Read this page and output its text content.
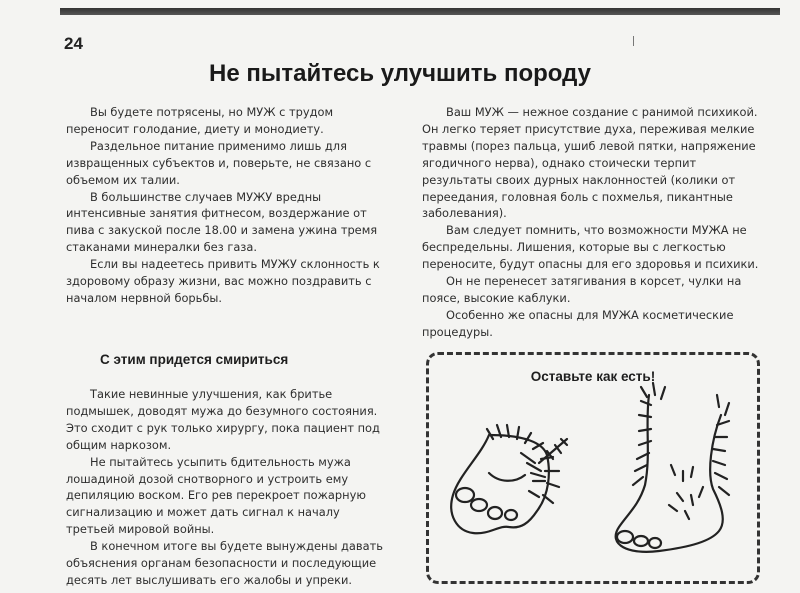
24
Не пытайтесь улучшить породу

Вы будете потрясены, но МУЖ с трудом переносит голодание, диету и монодиету.

Раздельное питание применимо лишь для извращенных субъектов и, поверьте, не связано с объемом их талии.

В большинстве случаев МУЖУ вредны интенсивные занятия фитнесом, воздержание от пива с закуской после 18.00 и замена ужина тремя стаканами минералки без газа.

Если вы надеетесь привить МУЖУ склонность к здоровому образу жизни, вас можно поздравить с началом нервной борьбы.

Ваш МУЖ — нежное создание с ранимой психикой. Он легко теряет присутствие духа, переживая мелкие травмы (порез пальца, ушиб левой пятки, напряжение ягодичного нерва), однако стоически терпит результаты своих дурных наклонностей (колики от переедания, головная боль с похмелья, пикантные заболевания).

Вам следует помнить, что возможности МУЖА не беспредельны. Лишения, которые вы с легкостью переносите, будут опасны для его здоровья и психики.

Он не перенесет затягивания в корсет, чулки на поясе, высокие каблуки.

Особенно же опасны для МУЖА косметические процедуры.

С этим придется смириться

Такие невинные улучшения, как бритье подмышек, доводят мужа до безумного состояния. Это сходит с рук только хирургу, пока пациент под общим наркозом.

Не пытайтесь усыпить бдительность мужа лошадиной дозой снотворного и устроить ему депиляцию воском. Его рев перекроет пожарную сигнализацию и может дать сигнал к началу третьей мировой войны.

В конечном итоге вы будете вынуждены давать объяснения органам безопасности и последующие десять лет выслушивать его жалобы и упреки.

Оставьте как есть!
